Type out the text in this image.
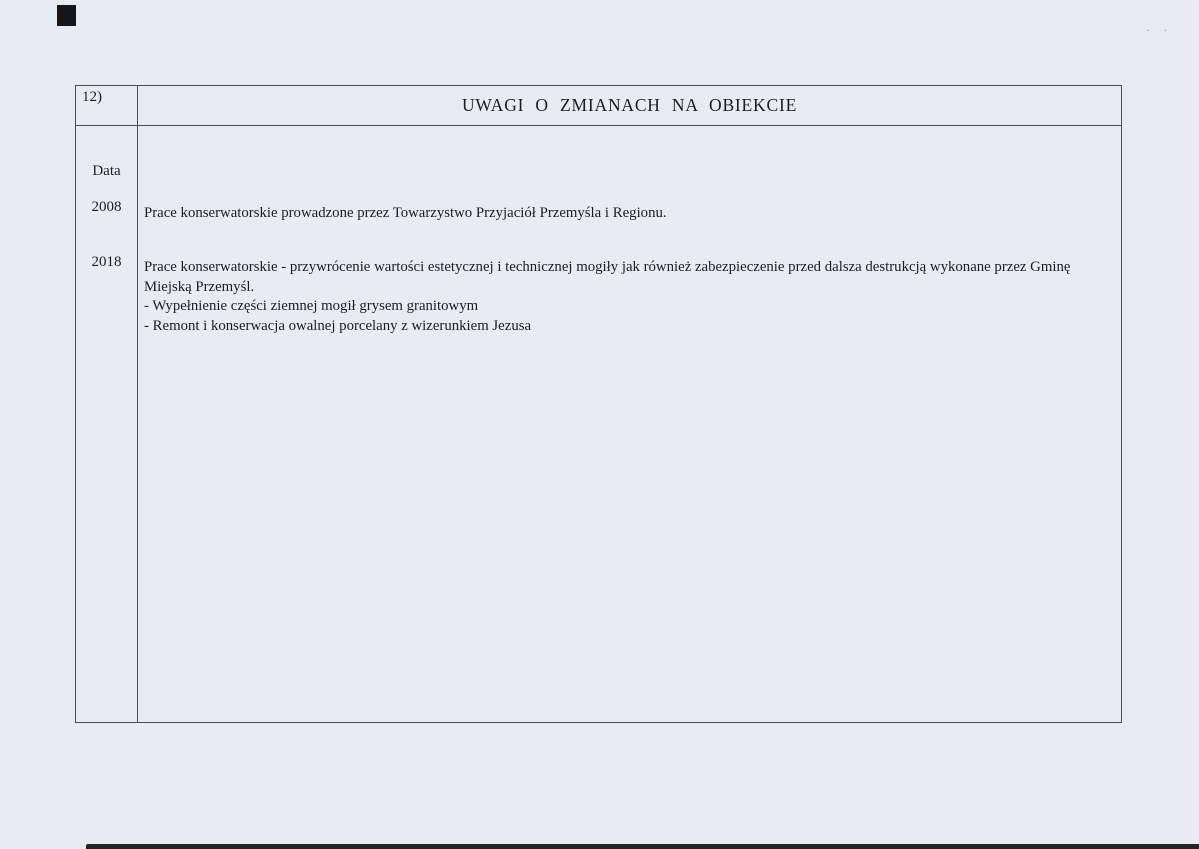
··
12)	UWAGI O ZMIANACH NA OBIEKCIE
Data
2008	Prace konserwatorskie prowadzone przez Towarzystwo Przyjaciół Przemyśla i Regionu.

2018	Prace konserwatorskie - przywrócenie wartości estetycznej i technicznej mogiły jak również zabezpieczenie przed dalsza destrukcją wykonane przez Gminę Miejską Przemyśl.

- Wypełnienie części ziemnej mogił grysem granitowym

- Remont i konserwacja owalnej porcelany z wizerunkiem Jezusa
